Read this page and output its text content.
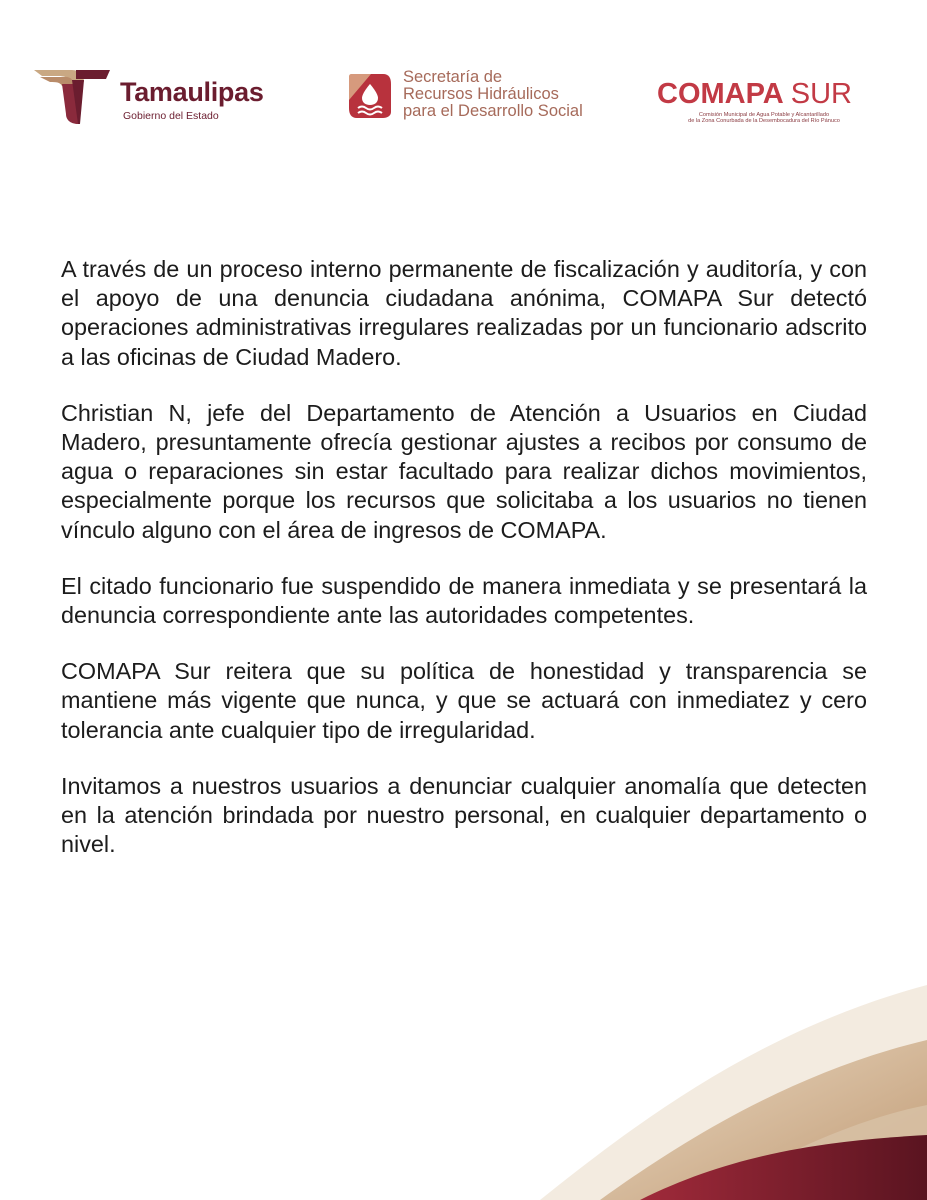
Tamaulipas
Gobierno del Estado
Secretaría de
Recursos Hidráulicos
para el Desarrollo Social
COMAPA SUR
Comisión Municipal de Agua Potable y Alcantarillado
de la Zona Conurbada de la Desembocadura del Río Pánuco

A través de un proceso interno permanente de fiscalización y auditoría, y con el apoyo de una denuncia ciudadana anónima, COMAPA Sur detectó operaciones administrativas irregulares realizadas por un funcionario adscrito a las oficinas de Ciudad Madero.

Christian N, jefe del Departamento de Atención a Usuarios en Ciudad Madero, presuntamente ofrecía gestionar ajustes a recibos por consumo de agua o reparaciones sin estar facultado para realizar dichos movimientos, especialmente porque los recursos que solicitaba a los usuarios no tienen vínculo alguno con el área de ingresos de COMAPA.

El citado funcionario fue suspendido de manera inmediata y se presentará la denuncia correspondiente ante las autoridades competentes.

COMAPA Sur reitera que su política de honestidad y transparencia se mantiene más vigente que nunca, y que se actuará con inmediatez y cero tolerancia ante cualquier tipo de irregularidad.

Invitamos a nuestros usuarios a denunciar cualquier anomalía que detecten en la atención brindada por nuestro personal, en cualquier departamento o nivel.
